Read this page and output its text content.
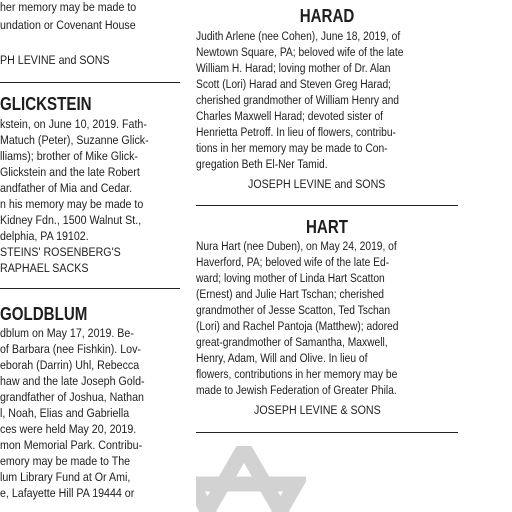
her memory may be made to
undation or Covenant House
PH LEVINE and SONS
GLICKSTEIN
kstein, on June 10, 2019. Fath-
Matuch (Peter), Suzanne Glick-
lliams); brother of Mike Glick-
Glickstein and the late Robert
andfather of Mia and Cedar.
n his memory may be made to
Kidney Fdn., 1500 Walnut St.,
delphia, PA 19102.
STEINS' ROSENBERG'S
RAPHAEL SACKS
GOLDBLUM
dblum on May 17, 2019. Be-
of Barbara (nee Fishkin). Lov-
eborah (Darrin) Uhl, Rebecca
haw and the late Joseph Gold-
grandfather of Joshua, Nathan
l, Noah, Elias and Gabriella
ces were held May 20, 2019.
mon Memorial Park. Contribu-
emory may be made to The
lum Library Fund at Or Ami,
e, Lafayette Hill PA 19444 or
HARAD
Judith Arlene (nee Cohen), June 18, 2019, of
Newtown Square, PA; beloved wife of the late
William H. Harad; loving mother of Dr. Alan
Scott (Lori) Harad and Steven Greg Harad;
cherished grandmother of William Henry and
Charles Maxwell Harad; devoted sister of
Henrietta Petroff. In lieu of flowers, contribu-
tions in her memory may be made to Con-
gregation Beth El-Ner Tamid.
JOSEPH LEVINE and SONS
HART
Nura Hart (nee Duben), on May 24, 2019, of
Haverford, PA; beloved wife of the late Ed-
ward; loving mother of Linda Hart Scatton
(Ernest) and Julie Hart Tschan; cherished
grandmother of Jesse Scatton, Ted Tschan
(Lori) and Rachel Pantoja (Matthew); adored
great-grandmother of Samantha, Maxwell,
Henry, Adam, Will and Olive. In lieu of
flowers, contributions in her memory may be
made to Jewish Federation of Greater Phila.
JOSEPH LEVINE & SONS
